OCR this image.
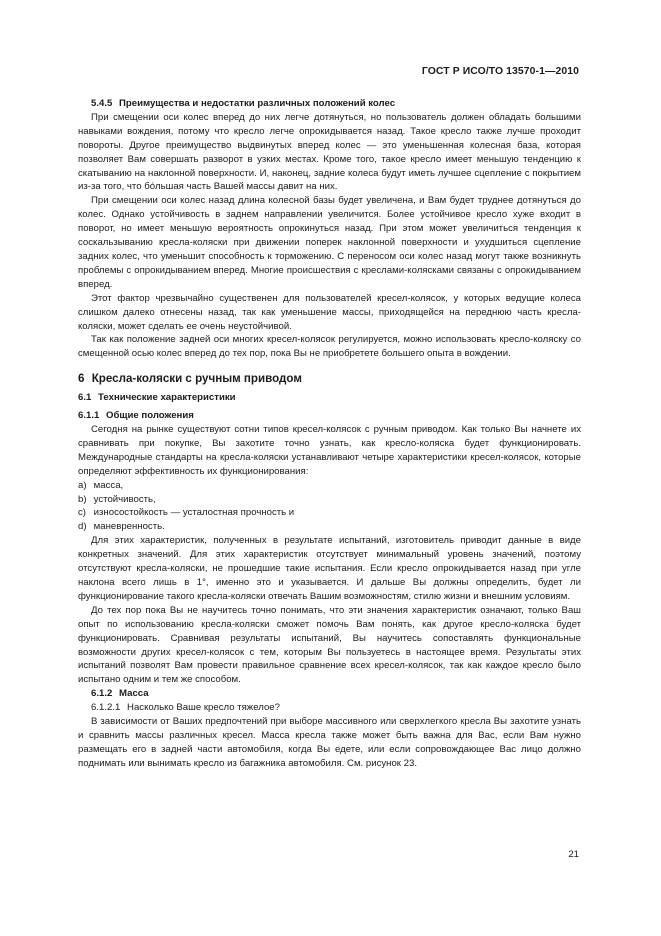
ГОСТ Р ИСО/ТО 13570-1—2010
5.4.5 Преимущества и недостатки различных положений колес

При смещении оси колес вперед до них легче дотянуться, но пользователь должен обладать большими навыками вождения, потому что кресло легче опрокидывается назад. Такое кресло также лучше проходит повороты. Другое преимущество выдвинутых вперед колес — это уменьшенная колесная база, которая позволяет Вам совершать разворот в узких местах. Кроме того, такое кресло имеет меньшую тенденцию к скатыванию на наклонной поверхности. И, наконец, задние колеса будут иметь лучшее сцепление с покрытием из-за того, что бóльшая часть Вашей массы давит на них.

При смещении оси колес назад длина колесной базы будет увеличена, и Вам будет труднее дотянуться до колес. Однако устойчивость в заднем направлении увеличится. Более устойчивое кресло хуже входит в поворот, но имеет меньшую вероятность опрокинуться назад. При этом может увеличиться тенденция к соскальзыванию кресла-коляски при движении поперек наклонной поверхности и ухудшиться сцепление задних колес, что уменьшит способность к торможению. С переносом оси колес назад могут также возникнуть проблемы с опрокидыванием вперед. Многие происшествия с креслами-колясками связаны с опрокидыванием вперед.

Этот фактор чрезвычайно существенен для пользователей кресел-колясок, у которых ведущие колеса слишком далеко отнесены назад, так как уменьшение массы, приходящейся на переднюю часть кресла-коляски, может сделать ее очень неустойчивой.

Так как положение задней оси многих кресел-колясок регулируется, можно использовать кресло-коляску со смещенной осью колес вперед до тех пор, пока Вы не приобретете большего опыта в вождении.

6 Кресла-коляски с ручным приводом
6.1 Технические характеристики
6.1.1 Общие положения

Сегодня на рынке существуют сотни типов кресел-колясок с ручным приводом. Как только Вы начнете их сравнивать при покупке, Вы захотите точно узнать, как кресло-коляска будет функционировать. Международные стандарты на кресла-коляски устанавливают четыре характеристики кресел-колясок, которые определяют эффективность их функционирования:

a) масса,
b) устойчивость,
c) износостойкость — усталостная прочность и
d) маневренность.

Для этих характеристик, полученных в результате испытаний, изготовитель приводит данные в виде конкретных значений. Для этих характеристик отсутствует минимальный уровень значений, поэтому отсутствуют кресла-коляски, не прошедшие такие испытания. Если кресло опрокидывается назад при угле наклона всего лишь в 1°, именно это и указывается. И дальше Вы должны определить, будет ли функционирование такого кресла-коляски отвечать Вашим возможностям, стилю жизни и внешним условиям.

До тех пор пока Вы не научитесь точно понимать, что эти значения характеристик означают, только Ваш опыт по использованию кресла-коляски сможет помочь Вам понять, как другое кресло-коляска будет функционировать. Сравнивая результаты испытаний, Вы научитесь сопоставлять функциональные возможности других кресел-колясок с тем, которым Вы пользуетесь в настоящее время. Результаты этих испытаний позволят Вам провести правильное сравнение всех кресел-колясок, так как каждое кресло было испытано одним и тем же способом.

6.1.2 Масса

6.1.2.1 Насколько Ваше кресло тяжелое?

В зависимости от Ваших предпочтений при выборе массивного или сверхлегкого кресла Вы захотите узнать и сравнить массы различных кресел. Масса кресла также может быть важна для Вас, если Вам нужно размещать его в задней части автомобиля, когда Вы едете, или если сопровождающее Вас лицо должно поднимать или вынимать кресло из багажника автомобиля. См. рисунок 23.

21
